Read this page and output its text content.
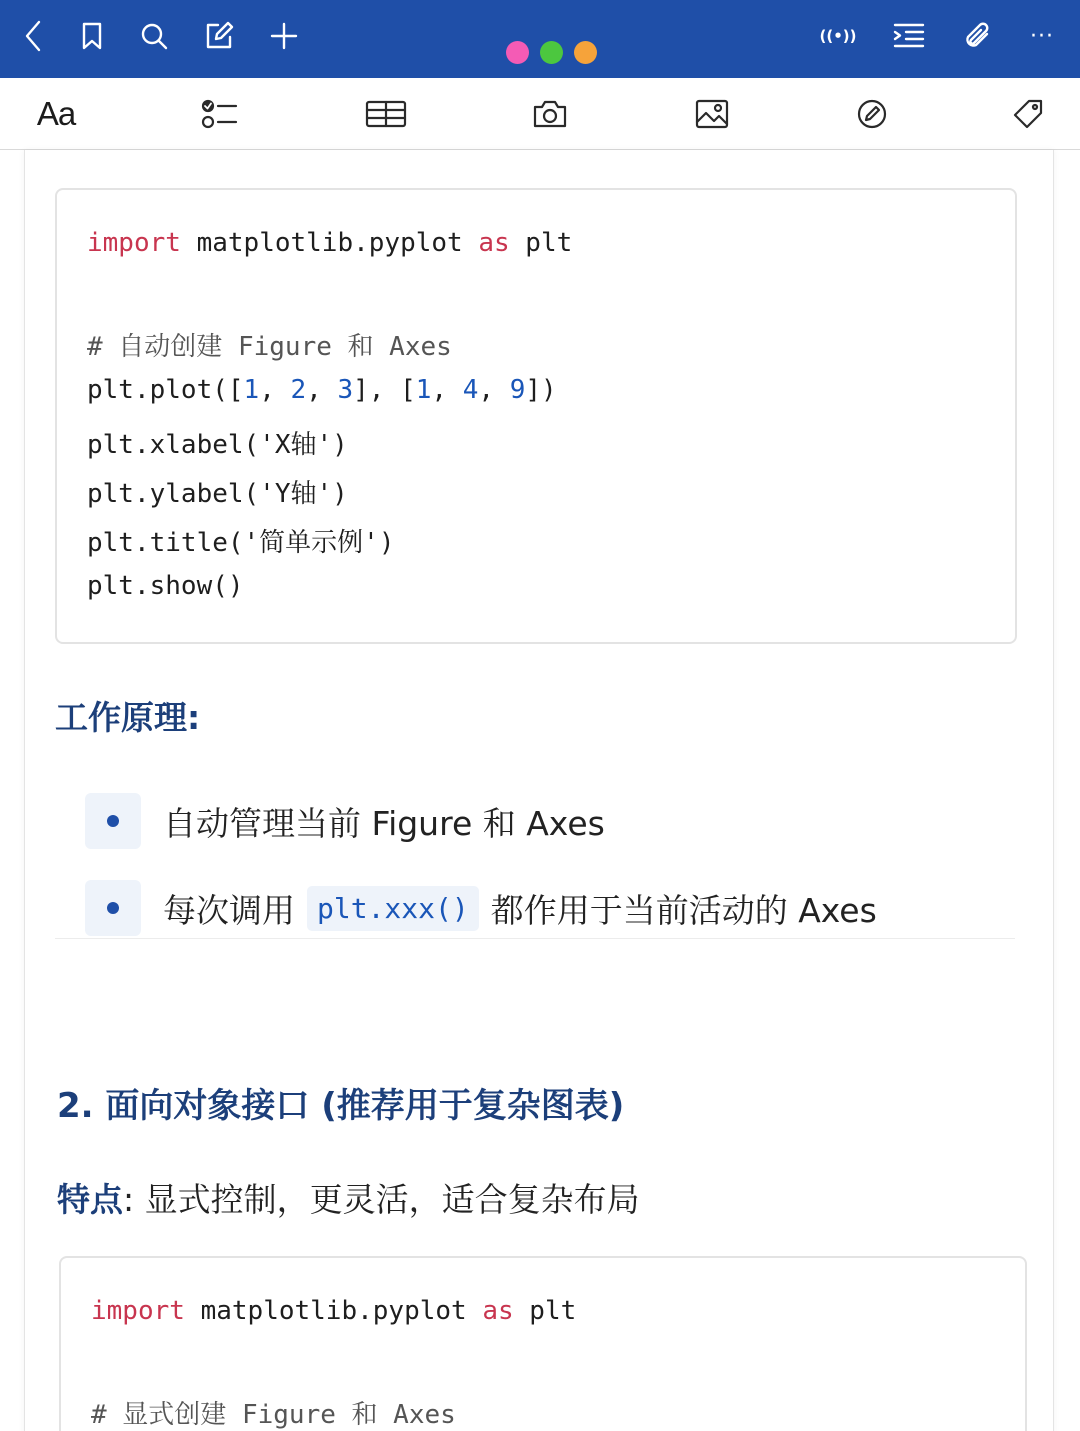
((•))	···
Aa
import matplotlib.pyplot as plt
# 自动创建 Figure 和 Axes
plt.plot([1, 2, 3], [1, 4, 9])
plt.xlabel('X轴')
plt.ylabel('Y轴')
plt.title('简单示例')
plt.show()
工作原理:
自动管理当前 Figure 和 Axes
每次调用 plt.xxx() 都作用于当前活动的 Axes
2. 面向对象接口 (推荐用于复杂图表)
特点: 显式控制，更灵活，适合复杂布局
import matplotlib.pyplot as plt
# 显式创建 Figure 和 Axes
